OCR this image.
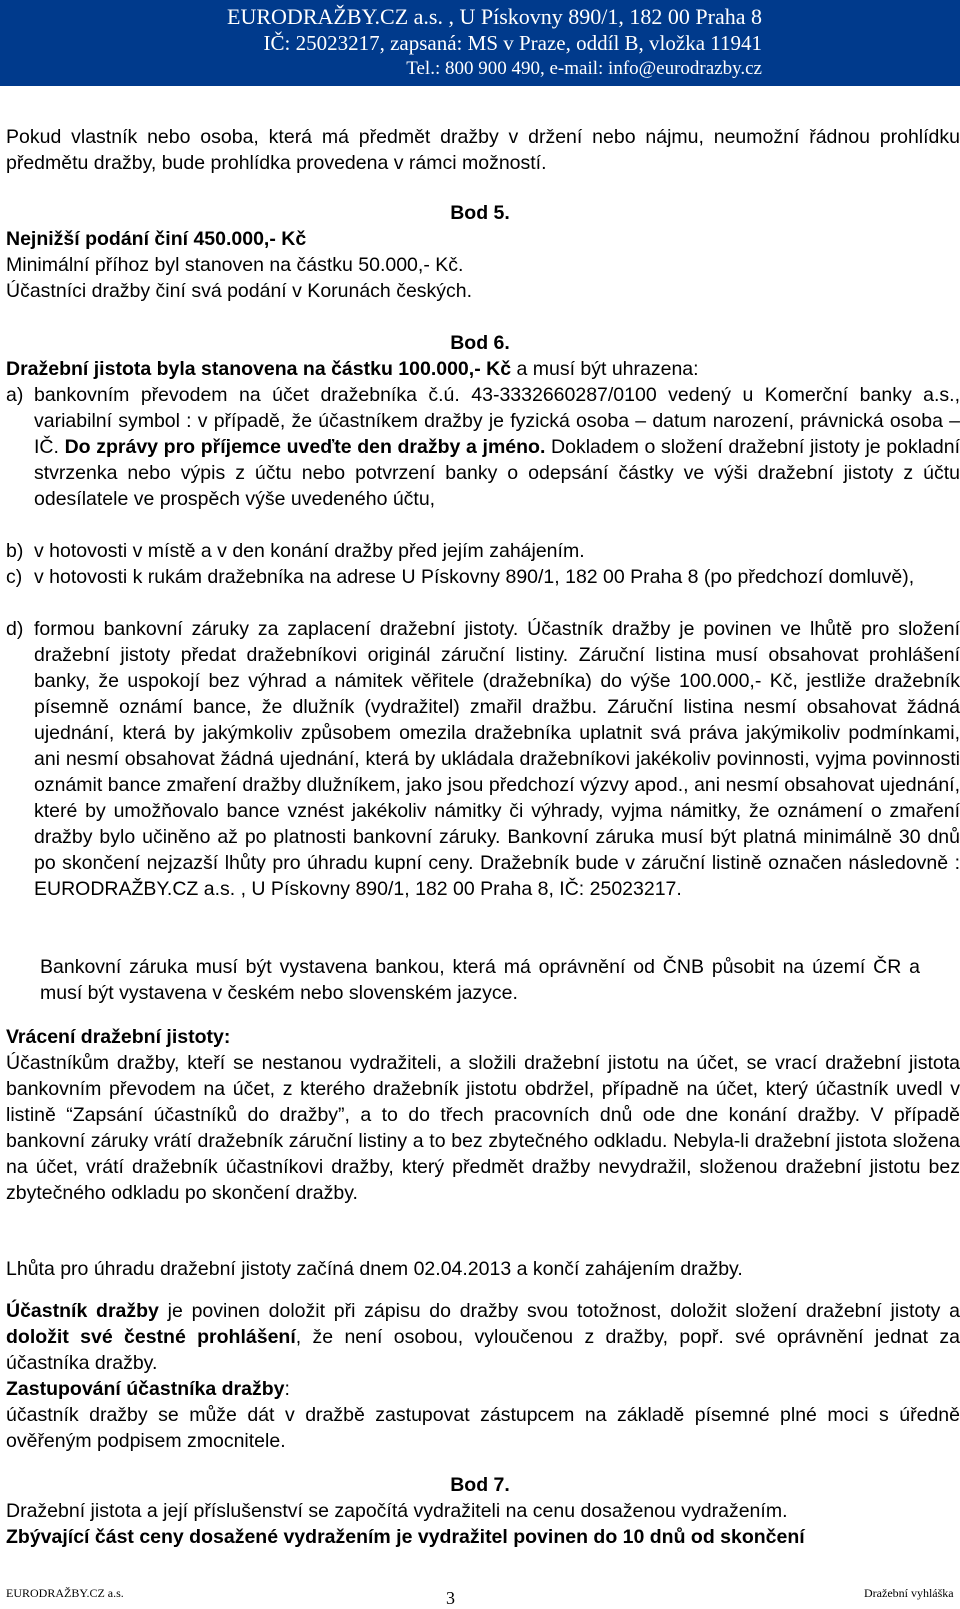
EURODRAŽBY.CZ a.s. , U Pískovny 890/1, 182 00 Praha 8
IČ: 25023217, zapsaná: MS v Praze, oddíl B, vložka 11941
Tel.: 800 900 490, e-mail: info@eurodrazby.cz

Pokud vlastník nebo osoba, která má předmět dražby v držení nebo nájmu, neumožní řádnou prohlídku předmětu dražby, bude prohlídka provedena v rámci možností.

Bod 5.

Nejnižší podání činí 450.000,- Kč

Minimální příhoz byl stanoven na částku 50.000,- Kč.

Účastníci dražby činí svá podání v Korunách českých.

Bod 6.

Dražební jistota byla stanovena na částku 100.000,- Kč a musí být uhrazena:

a) bankovním převodem na účet dražebníka č.ú. 43-3332660287/0100 vedený u Komerční banky a.s., variabilní symbol : v případě, že účastníkem dražby je fyzická osoba – datum narození, právnická osoba – IČ. Do zprávy pro příjemce uveďte den dražby a jméno. Dokladem o složení dražební jistoty je pokladní stvrzenka nebo výpis z účtu nebo potvrzení banky o odepsání částky ve výši dražební jistoty z účtu odesílatele ve prospěch výše uvedeného účtu,

b) v hotovosti v místě a v den konání dražby před jejím zahájením.

c) v hotovosti k rukám dražebníka na adrese U Pískovny 890/1, 182 00 Praha 8 (po předchozí domluvě),

d) formou bankovní záruky za zaplacení dražební jistoty. Účastník dražby je povinen ve lhůtě pro složení dražební jistoty předat dražebníkovi originál záruční listiny. Záruční listina musí obsahovat prohlášení banky, že uspokojí bez výhrad a námitek věřitele (dražebníka) do výše 100.000,- Kč, jestliže dražebník písemně oznámí bance, že dlužník (vydražitel) zmařil dražbu. Záruční listina nesmí obsahovat žádná ujednání, která by jakýmkoliv způsobem omezila dražebníka uplatnit svá práva jakýmikoliv podmínkami, ani nesmí obsahovat žádná ujednání, která by ukládala dražebníkovi jakékoliv povinnosti, vyjma povinnosti oznámit bance zmaření dražby dlužníkem, jako jsou předchozí výzvy apod., ani nesmí obsahovat ujednání, které by umožňovalo bance vznést jakékoliv námitky či výhrady, vyjma námitky, že oznámení o zmaření dražby bylo učiněno až po platnosti bankovní záruky. Bankovní záruka musí být platná minimálně 30 dnů po skončení nejzazší lhůty pro úhradu kupní ceny. Dražebník bude v záruční listině označen následovně : EURODRAŽBY.CZ a.s. , U Pískovny 890/1, 182 00 Praha 8, IČ: 25023217.

Bankovní záruka musí být vystavena bankou, která má oprávnění od ČNB působit na území ČR a musí být vystavena v českém nebo slovenském jazyce.

Vrácení dražební jistoty:

Účastníkům dražby, kteří se nestanou vydražiteli, a složili dražební jistotu na účet, se vrací dražební jistota bankovním převodem na účet, z kterého dražebník jistotu obdržel, případně na účet, který účastník uvedl v listině “Zapsání účastníků do dražby”, a to do třech pracovních dnů ode dne konání dražby. V případě bankovní záruky vrátí dražebník záruční listiny a to bez zbytečného odkladu. Nebyla-li dražební jistota složena na účet, vrátí dražebník účastníkovi dražby, který předmět dražby nevydražil, složenou dražební jistotu bez zbytečného odkladu po skončení dražby.

Lhůta pro úhradu dražební jistoty začíná dnem 02.04.2013 a končí zahájením dražby.

Účastník dražby je povinen doložit při zápisu do dražby svou totožnost, doložit složení dražební jistoty a doložit své čestné prohlášení, že není osobou, vyloučenou z dražby, popř. své oprávnění jednat za účastníka dražby.

Zastupování účastníka dražby:

účastník dražby se může dát v dražbě zastupovat zástupcem na základě písemné plné moci s úředně ověřeným podpisem zmocnitele.

Bod 7.

Dražební jistota a její příslušenství se započítá vydražiteli na cenu dosaženou vydražením.

Zbývající část ceny dosažené vydražením je vydražitel povinen do 10 dnů od skončení

EURODRAŽBY.CZ a.s.	3	Dražební vyhláška
